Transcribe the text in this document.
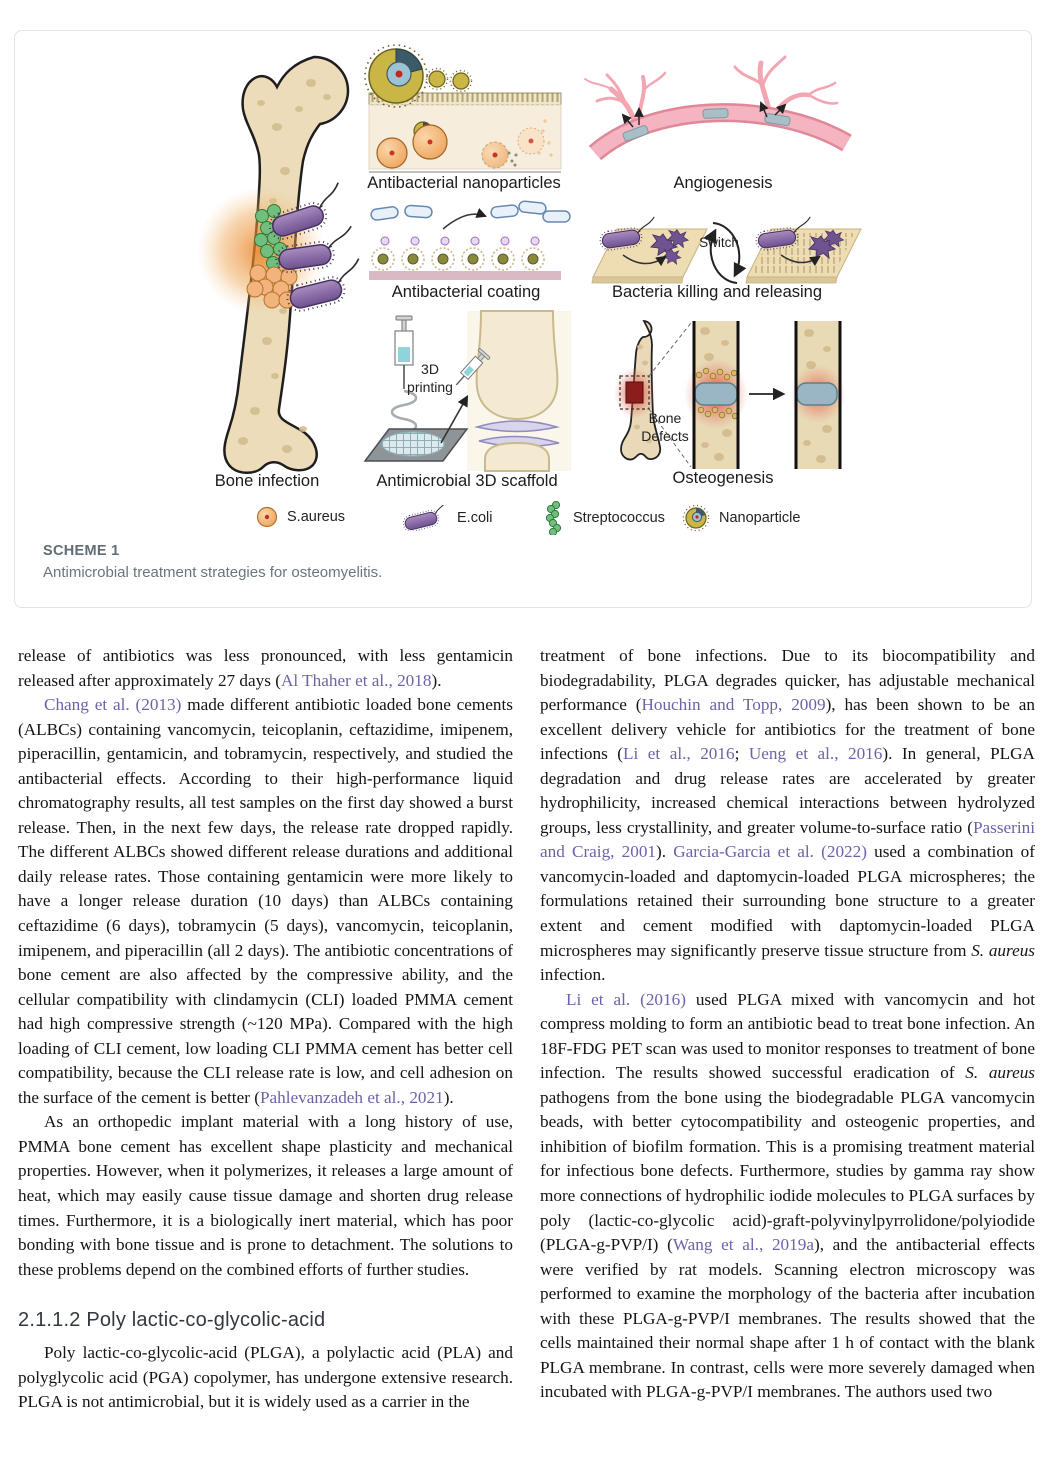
Bone infection
Antibacterial nanoparticles	Angiogenesis
Antibacterial coating	Bacteria killing and releasing
Antimicrobial 3D scaffold	Osteogenesis
Switch
3D
printing
Bone
Defects
S.aureus	E.coli	Streptococcus	Nanoparticle
SCHEME 1
Antimicrobial treatment strategies for osteomyelitis.

release of antibiotics was less pronounced, with less gentamicin released after approximately 27 days (Al Thaher et al., 2018).

Chang et al. (2013) made different antibiotic loaded bone cements (ALBCs) containing vancomycin, teicoplanin, ceftazidime, imipenem, piperacillin, gentamicin, and tobramycin, respectively, and studied the antibacterial effects. According to their high-performance liquid chromatography results, all test samples on the first day showed a burst release. Then, in the next few days, the release rate dropped rapidly. The different ALBCs showed different release durations and additional daily release rates. Those containing gentamicin were more likely to have a longer release duration (10 days) than ALBCs containing ceftazidime (6 days), tobramycin (5 days), vancomycin, teicoplanin, imipenem, and piperacillin (all 2 days). The antibiotic concentrations of bone cement are also affected by the compressive ability, and the cellular compatibility with clindamycin (CLI) loaded PMMA cement had high compressive strength (~120 MPa). Compared with the high loading of CLI cement, low loading CLI PMMA cement has better cell compatibility, because the CLI release rate is low, and cell adhesion on the surface of the cement is better (Pahlevanzadeh et al., 2021).

As an orthopedic implant material with a long history of use, PMMA bone cement has excellent shape plasticity and mechanical properties. However, when it polymerizes, it releases a large amount of heat, which may easily cause tissue damage and shorten drug release times. Furthermore, it is a biologically inert material, which has poor bonding with bone tissue and is prone to detachment. The solutions to these problems depend on the combined efforts of further studies.

2.1.1.2 Poly lactic-co-glycolic-acid

Poly lactic-co-glycolic-acid (PLGA), a polylactic acid (PLA) and polyglycolic acid (PGA) copolymer, has undergone extensive research. PLGA is not antimicrobial, but it is widely used as a carrier in the

treatment of bone infections. Due to its biocompatibility and biodegradability, PLGA degrades quicker, has adjustable mechanical performance (Houchin and Topp, 2009), has been shown to be an excellent delivery vehicle for antibiotics for the treatment of bone infections (Li et al., 2016; Ueng et al., 2016). In general, PLGA degradation and drug release rates are accelerated by greater hydrophilicity, increased chemical interactions between hydrolyzed groups, less crystallinity, and greater volume-to-surface ratio (Passerini and Craig, 2001). Garcia-Garcia et al. (2022) used a combination of vancomycin-loaded and daptomycin-loaded PLGA microspheres; the formulations retained their surrounding bone structure to a greater extent and cement modified with daptomycin-loaded PLGA microspheres may significantly preserve tissue structure from S. aureus infection.

Li et al. (2016) used PLGA mixed with vancomycin and hot compress molding to form an antibiotic bead to treat bone infection. An 18F-FDG PET scan was used to monitor responses to treatment of bone infection. The results showed successful eradication of S. aureus pathogens from the bone using the biodegradable PLGA vancomycin beads, with better cytocompatibility and osteogenic properties, and inhibition of biofilm formation. This is a promising treatment material for infectious bone defects. Furthermore, studies by gamma ray show more connections of hydrophilic iodide molecules to PLGA surfaces by poly (lactic-co-glycolic acid)-graft-polyvinylpyrrolidone/polyiodide (PLGA-g-PVP/I) (Wang et al., 2019a), and the antibacterial effects were verified by rat models. Scanning electron microscopy was performed to examine the morphology of the bacteria after incubation with these PLGA-g-PVP/I membranes. The results showed that the cells maintained their normal shape after 1 h of contact with the blank PLGA membrane. In contrast, cells were more severely damaged when incubated with PLGA-g-PVP/I membranes. The authors used two
